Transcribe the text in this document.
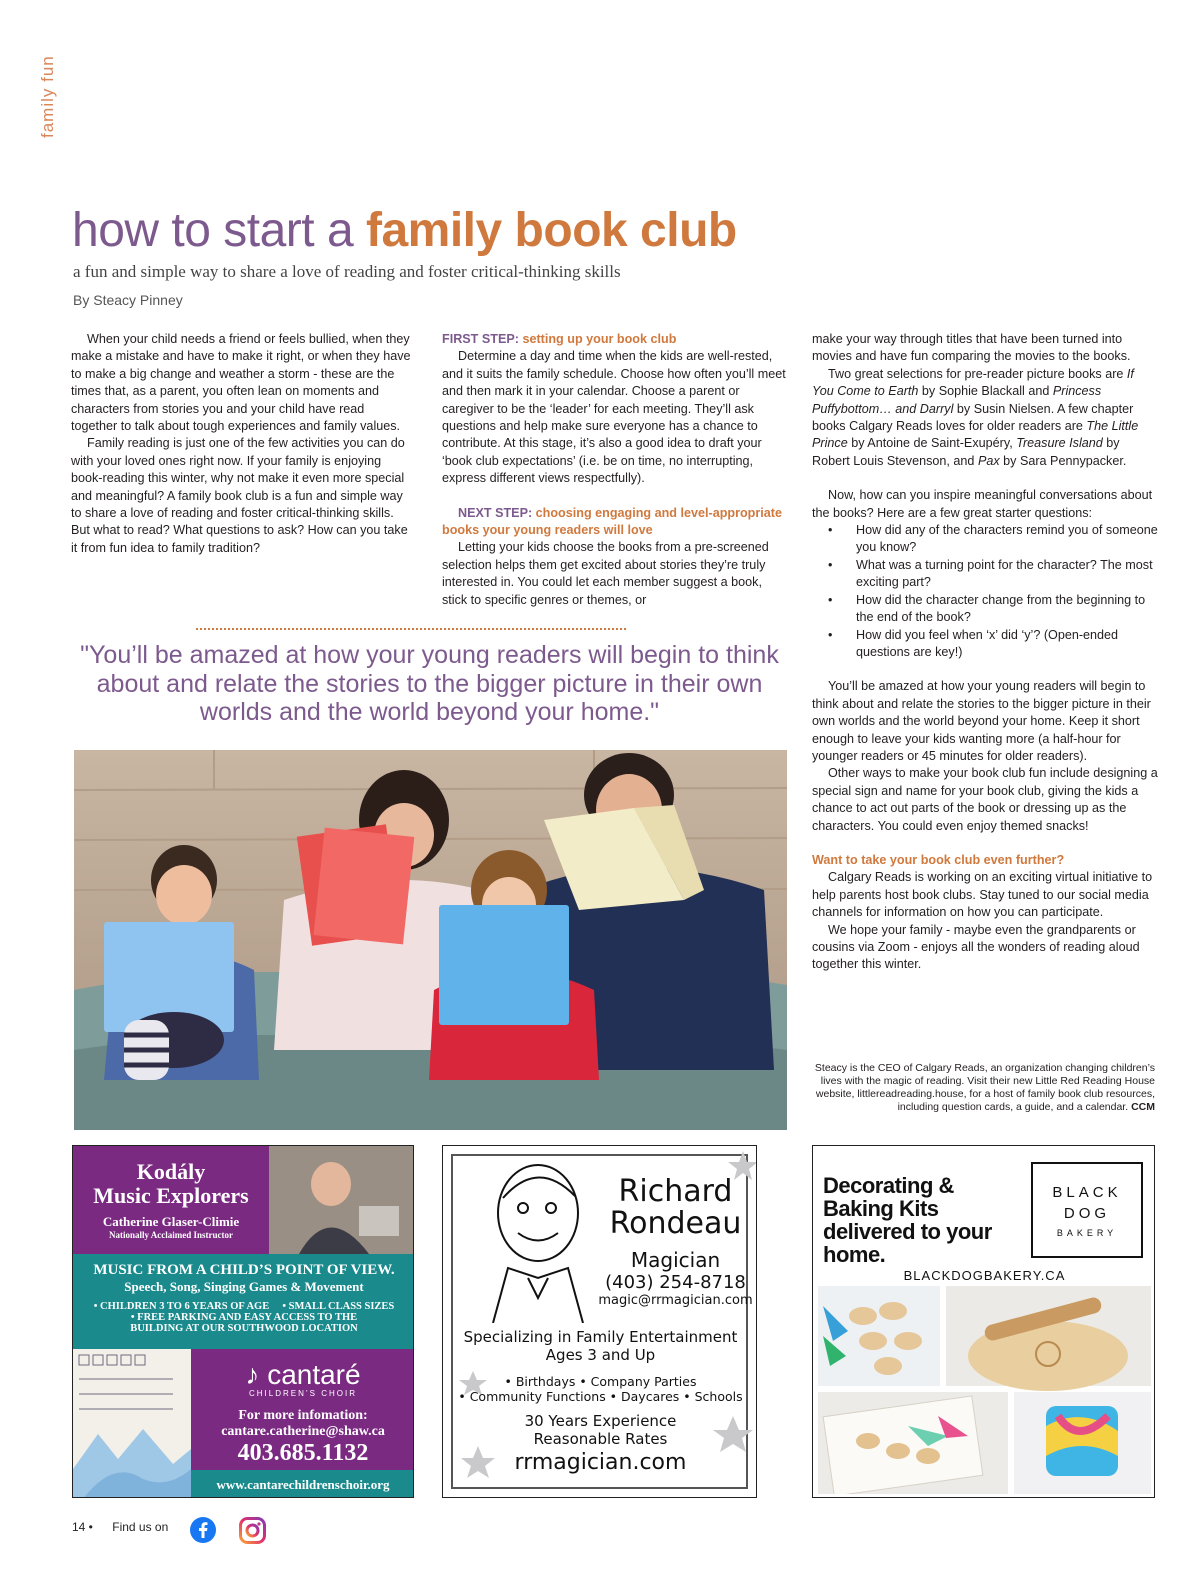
family fun
how to start a family book club
a fun and simple way to share a love of reading and foster critical-thinking skills
By Steacy Pinney

When your child needs a friend or feels bullied, when they make a mistake and have to make it right, or when they have to make a big change and weather a storm - these are the times that, as a parent, you often lean on moments and characters from stories you and your child have read together to talk about tough experiences and family values.

Family reading is just one of the few activities you can do with your loved ones right now. If your family is enjoying book-reading this winter, why not make it even more special and meaningful? A family book club is a fun and simple way to share a love of reading and foster critical-thinking skills. But what to read? What questions to ask? How can you take it from fun idea to family tradition?

FIRST STEP: setting up your book club

Determine a day and time when the kids are well-rested, and it suits the family schedule. Choose how often you’ll meet and then mark it in your calendar. Choose a parent or caregiver to be the ‘leader’ for each meeting. They’ll ask questions and help make sure everyone has a chance to contribute. At this stage, it’s also a good idea to draft your ‘book club expectations’ (i.e. be on time, no interrupting, express different views respectfully).

NEXT STEP: choosing engaging and level-appropriate books your young readers will love

Letting your kids choose the books from a pre-screened selection helps them get excited about stories they’re truly interested in. You could let each member suggest a book, stick to specific genres or themes, or

make your way through titles that have been turned into movies and have fun comparing the movies to the books.

Two great selections for pre-reader picture books are If You Come to Earth by Sophie Blackall and Princess Puffybottom… and Darryl by Susin Nielsen. A few chapter books Calgary Reads loves for older readers are The Little Prince by Antoine de Saint-Exupéry, Treasure Island by Robert Louis Stevenson, and Pax by Sara Pennypacker.

Now, how can you inspire meaningful conversations about the books? Here are a few great starter questions:

• How did any of the characters remind you of someone you know?
• What was a turning point for the character? The most exciting part?
• How did the character change from the beginning to the end of the book?
• How did you feel when ‘x’ did ‘y’? (Open-ended questions are key!)

You’ll be amazed at how your young readers will begin to think about and relate the stories to the bigger picture in their own worlds and the world beyond your home. Keep it short enough to leave your kids wanting more (a half-hour for younger readers or 45 minutes for older readers).

Other ways to make your book club fun include designing a special sign and name for your book club, giving the kids a chance to act out parts of the book or dressing up as the characters. You could even enjoy themed snacks!

Want to take your book club even further?

Calgary Reads is working on an exciting virtual initiative to help parents host book clubs. Stay tuned to our social media channels for information on how you can participate.

We hope your family - maybe even the grandparents or cousins via Zoom - enjoys all the wonders of reading aloud together this winter.

"You’ll be amazed at how your young readers will begin to think about and relate the stories to the bigger picture in their own worlds and the world beyond your home."
Steacy is the CEO of Calgary Reads, an organization changing children’s lives with the magic of reading. Visit their new Little Red Reading House website, littlereadreading.house, for a host of family book club resources, including question cards, a guide, and a calendar. CCM
Kodály
Music Explorers
Catherine Glaser-Climie
Nationally Acclaimed Instructor
MUSIC FROM A CHILD’S POINT OF VIEW.
Speech, Song, Singing Games & Movement
• CHILDREN 3 TO 6 YEARS OF AGE     • SMALL CLASS SIZES
• FREE PARKING AND EASY ACCESS TO THE
BUILDING AT OUR SOUTHWOOD LOCATION
♪ cantaré
CHILDREN’S CHOIR
For more infomation:
cantare.catherine@shaw.ca
403.685.1132
www.cantarechildrenschoir.org
Richard
Rondeau
Magician
(403) 254-8718
magic@rrmagician.com
Specializing in Family Entertainment
Ages 3 and Up
• Birthdays • Company Parties
• Community Functions • Daycares • Schools
30 Years Experience
Reasonable Rates
rrmagician.com
Decorating &
Baking Kits
delivered to your
home.
BLACK
DOG
BAKERY
BLACKDOGBAKERY.CA
14 • Find us on
